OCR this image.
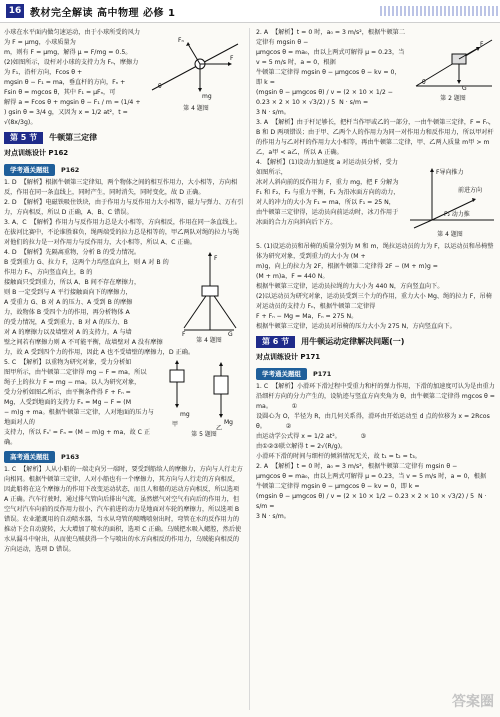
16 教材完全解读 高中物理 必修 1
mg
F
Fₙ
θ
第 4 题图

小球在水平面内做匀速运动，由于小球所受的风力为 F = μmg，小球质量为

m，则有 F = μmg，解得 μ = F/mg = 0.5。

(2)如图所示，设杆对小球的支持力为 Fₙ，摩擦力为 F₁，沿杆方向，Fcos θ +

mgsin θ − F₁ = ma，垂直杆的方向，Fₙ +

Fsin θ = mgcos θ，其中 F₁ = μFₙ，可

解得 a = Fcos θ + mgsin θ − F₁ / m = (1/4 +

) gsin θ = 3/4 g，又因为 x = 1/2 at²，t = √(8x/3g)。

第 5 节	牛顿第三定律
对点训练设计 P162
学考通关题组	P162

1. D  【解析】根据牛顿第三定律知，两个物体之间的相互作用力，大小相等，方向相反，作用在同一条直线上，同时产生，同时消失，同时变化，故 D 正确。

2. D  【解析】电磁铁吸住铁块，由于作用力与反作用力大小相等，磁力与弹力、万有引力，方向相反，所以 D 正确，A、B、C 错误。

3. A、C  【解析】作用力与反作用力总是大小相等，方向相反，作用在同一条直线上。在拔河比赛中，不论谁胜谁负，绳两端受的拉力总是相等的，甲乙两队对绳的拉力与绳对他们的拉力是一对作用力与反作用力，大小相等，所以 A、C 正确。

F	G
F
第 4 题图

4. D  【解析】先隔离重物，分析 B 的受力情况。

B 受到重力 G、拉力 F，这两个力均竖直向上，则 A 对 B 的作用力 Fₙ，方向竖直向上，B 的

接触面只受到重力，所以 A、B 间不存在摩擦力，

则 B 一定受到与 A 平行接触面向下的摩擦力，

A 受重力 G、B 对 A 的压力、A 受到 B 的摩擦

力，故物体 B 受四个力的作用，再分析物体 A

的受力情况，A 受到重力、B 对 A 的压力、B

对 A 的摩擦力以及墙壁对 A 的支持力，A 与墙

壁之间若有摩擦力则 A 不可能平衡，故墙壁对 A 没有摩擦力，故 A 受到四个力的作用，因此 A 也不受墙壁的摩擦力，D 正确。

mg
Mg
甲
乙
第 5 题图

5. C  【解析】以重物为研究对象，受力分析如

图甲所示，由牛顿第二定律得 mg − F = ma，所以

绳子上的拉力 F = mg − ma。以人为研究对象，

受力分析如图乙所示，由平衡条件得 F + Fₙ =

Mg，人受到地面的支持力 Fₙ = Mg − F = (M

− m)g + ma。根据牛顿第三定律，人对地面的压力与地面对人的

支持力，所以 Fₙ' = Fₙ = (M − m)g + ma，故 C 正确。

高考通关题组	P163

1. C  【解析】人从小船的一端走向另一端时，要受到船给人的摩擦力，方向与人行走方向相同。根据牛顿第三定律，人对小船也有一个摩擦力，其方向与人行走的方向相反，因此船将在这个摩擦力的作用下改变运动状态，而且人和船的运动方向相反，所以选项 A 正确。汽车行驶时，通过排气管向后排出气流，虽然燃气对空气有向后的作用力，但空气对汽车向前的反作用力很小，汽车前进的动力是地面对车轮的摩擦力，所以选项 B 错误。农业灌溉用的自动喷水器，当水从弯管的喷嘴喷射出时，弯管在水的反作用力的推动下会自动旋转，大大增加了喷水的面积，选项 C 正确。乌贼把水吸入鳃腔，然后使水从漏斗中射出，从而使乌贼获得一个与喷出的水方向相反的作用力，乌贼能向相反的方向运动，选项 D 错误。

G
F
θ
第 2 题图

2. A  【解析】t = 0 时，a₀ = 3 m/s²，根据牛顿第二定律有 mgsin θ −

μmgcos θ = ma₀，由以上两式可解得 μ = 0.23，当 v = 5 m/s 时，a = 0，根据

牛顿第二定律得 mgsin θ − μmgcos θ − kv = 0，即 k =

(mgsin θ − μmgcos θ) / v = (2 × 10 × 1/2 − 0.23 × 2 × 10 × √3/2) / 5  N · s/m =

3 N · s/m。

3. A  【解析】由于杆足够长，把杆当作甲或乙的一部分，一由牛顿第三定律，F = Fₙ，B 和 D 两项错误；由于甲、乙两个人的作用力为同一对作用力和反作用力，所以甲对杆的作用力与乙对杆的作用力大小相等，再由牛顿第二定律，甲、乙两人质量 m甲 > m乙，a甲 < a乙，所以 A 正确。

F导向推力
前进方向
F₂ 动力推
第 4 题图

4. 【解析】(1)设动力加速度 a 对运动员分析，受力如图所示，

冰对人斜向前的反作用力 F，重力 mg，把 F 分解为

F₁ 和 F₂，F₂ 与重力平衡，F₁ 为沿冰面方向的动力，

对人的冲力的大小为 F₁ = ma，所以 F₁ = 25 N，由牛顿第三定律得，运动员向前运动时，冰刀作用于冰面的合力方向斜向后下方。

5. (1)设运动员和吊椅的质量分别为 M 和 m，绳拉运动员的力为 F，以运动员和吊椅整体为研究对象，受到重力的大小为 (M +

m)g，向上的拉力为 2F，根据牛顿第二定律得 2F − (M + m)g =

(M + m)a，F = 440 N。

根据牛顿第三定律，运动员拉绳的力大小为 440 N，方向竖直向下。

(2)以运动员为研究对象，运动员受到三个力的作用，重力大小 Mg、绳的拉力 F，吊椅对运动员的支持力 Fₙ，根据牛顿第二定律得

F + Fₙ − Mg = Ma，Fₙ = 275 N。

根据牛顿第三定律，运动员对吊椅的压力大小为 275 N，方向竖直向下。

第 6 节	用牛顿运动定律解决问题(一)
对点训练设计 P171
学考通关题组	P171

1. C  【解析】小滑环下滑过程中受重力和杆的弹力作用，下滑的加速度可认为是由重力沿细杆方向的分力产生的，设轨迹与竖直方向夹角为 θ，由牛顿第二定律得 mgcos θ = ma。          ①

设圆心为 O，半径为 R，由几何关系得，滑环由开始运动至 d 点的位移为 x = 2Rcos θ。          ②

由运动学公式得 x = 1/2 at²。          ③

由①②③联立解得 t = 2√(R/g)。

小滑环下滑的时间与细杆的倾斜情况无关，故 t₁ = t₂ = t₃。

2. A  【解析】t = 0 时，a₀ = 3 m/s²，根据牛顿第二定律有 mgsin θ −

μmgcos θ = ma₀，由以上两式可解得 μ = 0.23，当 v = 5 m/s 时，a = 0，根据

牛顿第二定律得 mgsin θ − μmgcos θ − kv = 0，即 k =

(mgsin θ − μmgcos θ) / v = (2 × 10 × 1/2 − 0.23 × 2 × 10 × √3/2) / 5  N · s/m =

3 N · s/m。

答案圈
